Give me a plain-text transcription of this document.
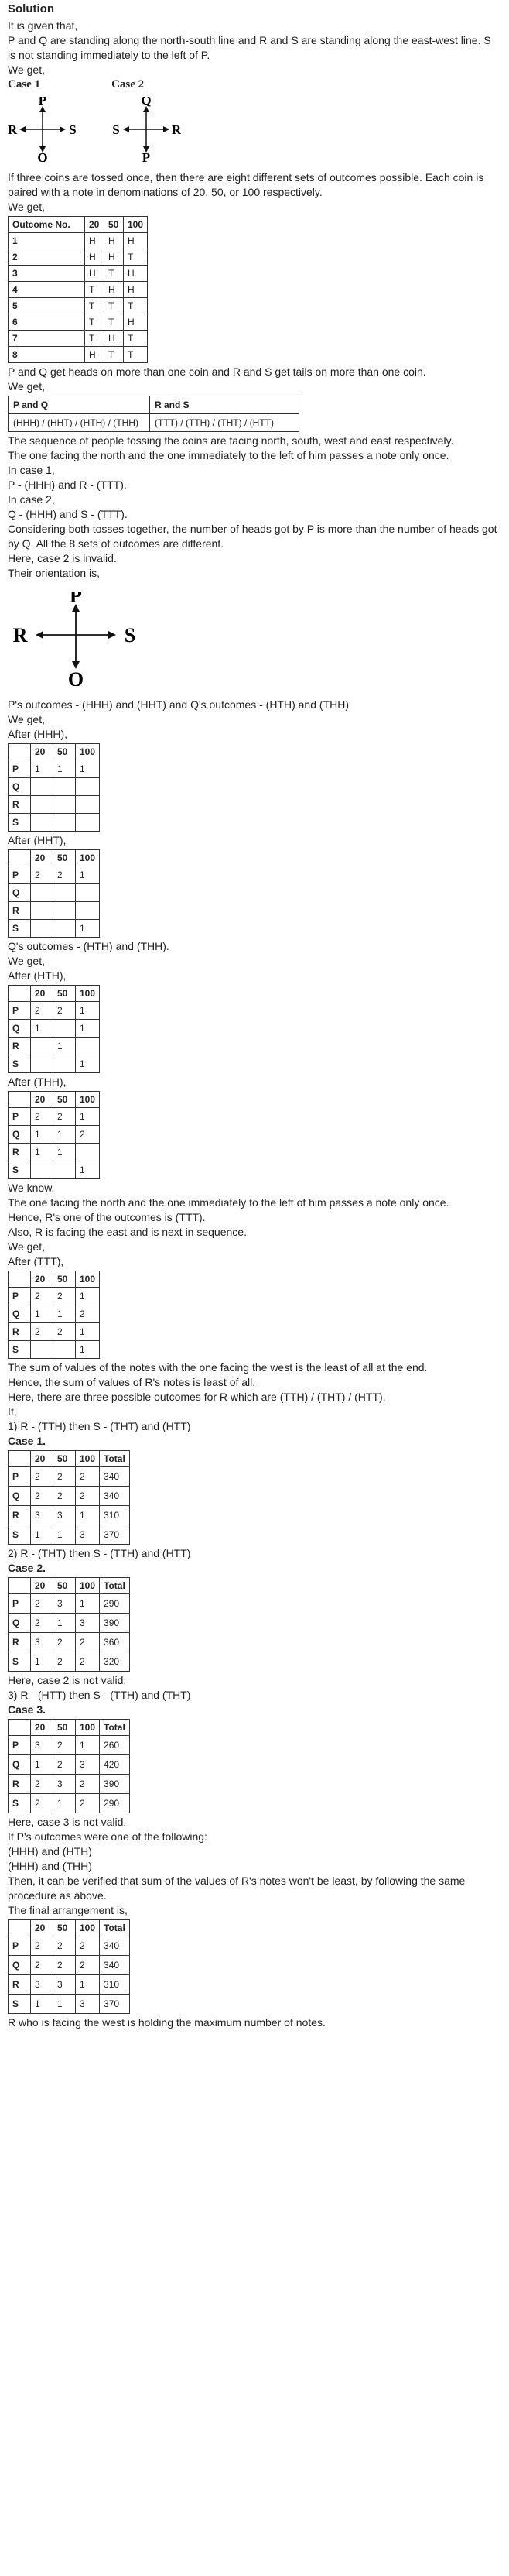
Solution

It is given that,

P and Q are standing along the north-south line and R and S are standing along the east-west line. S is not standing immediately to the left of P.

We get,

Case 1	Case 2
P
Q
R	S
Q
P
S	R

If three coins are tossed once, then there are eight different sets of outcomes possible. Each coin is paired with a note in denominations of 20, 50, or 100 respectively.

We get,

Outcome No.	20	50	100
1	H	H	H
2	H	H	T
3	H	T	H
4	T	H	H
5	T	T	T
6	T	T	H
7	T	H	T
8	H	T	T

P and Q get heads on more than one coin and R and S get tails on more than one coin.

We get,

P and Q	R and S
(HHH) / (HHT) / (HTH) / (THH)	(TTT) / (TTH) / (THT) / (HTT)

The sequence of people tossing the coins are facing north, south, west and east respectively.

The one facing the north and the one immediately to the left of him passes a note only once.

In case 1,

P - (HHH) and R - (TTT).

In case 2,

Q - (HHH) and S - (TTT).

Considering both tosses together, the number of heads got by P is more than the number of heads got by Q. All the 8 sets of outcomes are different.

Here, case 2 is invalid.

Their orientation is,

P
Q
R	S

P's outcomes - (HHH) and (HHT) and Q's outcomes - (HTH) and (THH)

We get,

After (HHH),

	20	50	100
P	1	1	1
Q			
R			
S			

After (HHT),

	20	50	100
P	2	2	1
Q			
R			
S			1

Q's outcomes - (HTH) and (THH).

We get,

After (HTH),

	20	50	100
P	2	2	1
Q	1		1
R		1	
S			1

After (THH),

	20	50	100
P	2	2	1
Q	1	1	2
R	1	1	
S			1

We know,

The one facing the north and the one immediately to the left of him passes a note only once.

Hence, R's one of the outcomes is (TTT).

Also, R is facing the east and is next in sequence.

We get,

After (TTT),

	20	50	100
P	2	2	1
Q	1	1	2
R	2	2	1
S			1

The sum of values of the notes with the one facing the west is the least of all at the end.

Hence, the sum of values of R's notes is least of all.

Here, there are three possible outcomes for R which are (TTH) / (THT) / (HTT).

If,

1) R - (TTH) then S - (THT) and (HTT)

Case 1.

	20	50	100	Total
P	2	2	2	340
Q	2	2	2	340
R	3	3	1	310
S	1	1	3	370

2) R - (THT) then S - (TTH) and (HTT)

Case 2.

	20	50	100	Total
P	2	3	1	290
Q	2	1	3	390
R	3	2	2	360
S	1	2	2	320

Here, case 2 is not valid.

3) R - (HTT) then S - (TTH) and (THT)

Case 3.

	20	50	100	Total
P	3	2	1	260
Q	1	2	3	420
R	2	3	2	390
S	2	1	2	290

Here, case 3 is not valid.

If P's outcomes were one of the following:

(HHH) and (HTH)

(HHH) and (THH)

Then, it can be verified that sum of the values of R's notes won't be least, by following the same procedure as above.

The final arrangement is,

	20	50	100	Total
P	2	2	2	340
Q	2	2	2	340
R	3	3	1	310
S	1	1	3	370

R who is facing the west is holding the maximum number of notes.
